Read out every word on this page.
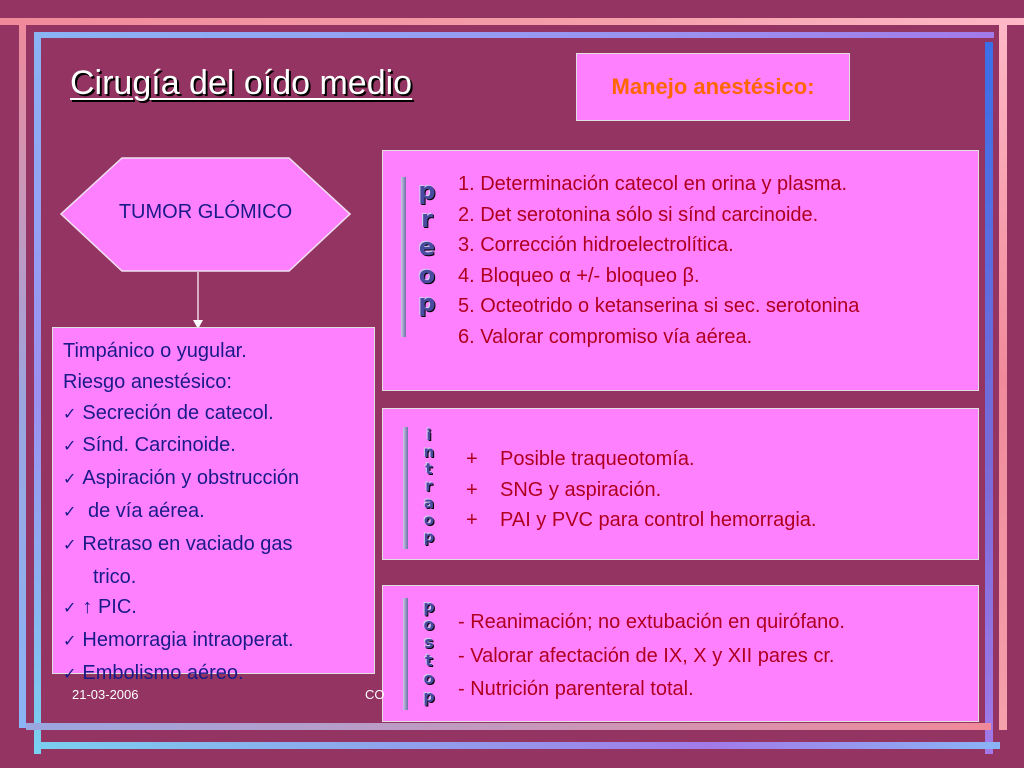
Cirugía del oído medio	Manejo anestésico:
TUMOR GLÓMICO
Timpánico o yugular.
Riesgo anestésico:
✓ Secreción de catecol.
✓ Sínd. Carcinoide.
✓ Aspiración y obstrucción
✓ de vía aérea.
✓ Retraso en vaciado gas
trico.
✓ ↑ PIC.
✓ Hemorragia intraoperat.
✓ Embolismo aéreo.
p
r
e
o
p
1. Determinación catecol en orina y plasma.
2. Det serotonina sólo si sínd carcinoide.
3. Corrección hidroelectrolítica.
4. Bloqueo α +/- bloqueo β.
5. Octeotrido o ketanserina si sec. serotonina
6. Valorar compromiso vía aérea.
i
n
t
r
a
o
p
+ Posible traqueotomía.
+ SNG y aspiración.
+ PAI y PVC para control hemorragia.
p
o
s
t
o
p
- Reanimación; no extubación en quirófano.
- Valorar afectación de IX, X y XII pares cr.
- Nutrición parenteral total.
21-03-2006	CO
